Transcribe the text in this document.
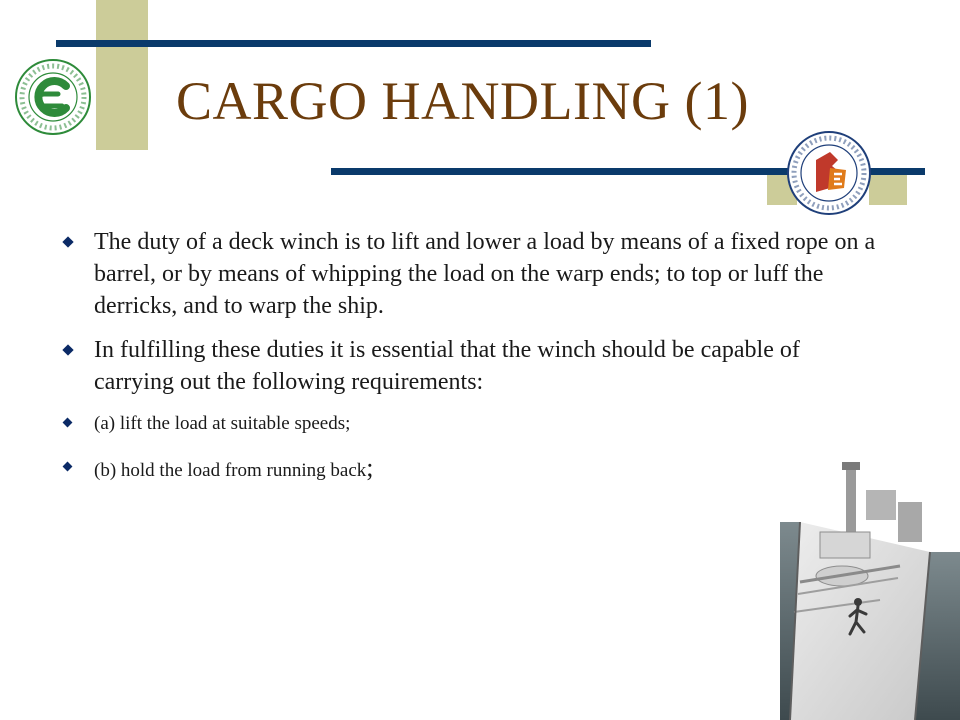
CARGO HANDLING (1)
The duty of a deck winch is to lift and lower a load by means of a fixed rope on a barrel, or by means of whipping the load on the warp ends; to top or luff the derricks, and to warp the ship.
In fulfilling these duties it is essential that the winch should be capable of carrying out the following requirements:
(a) lift the load at suitable speeds;
(b) hold the load from running back;
